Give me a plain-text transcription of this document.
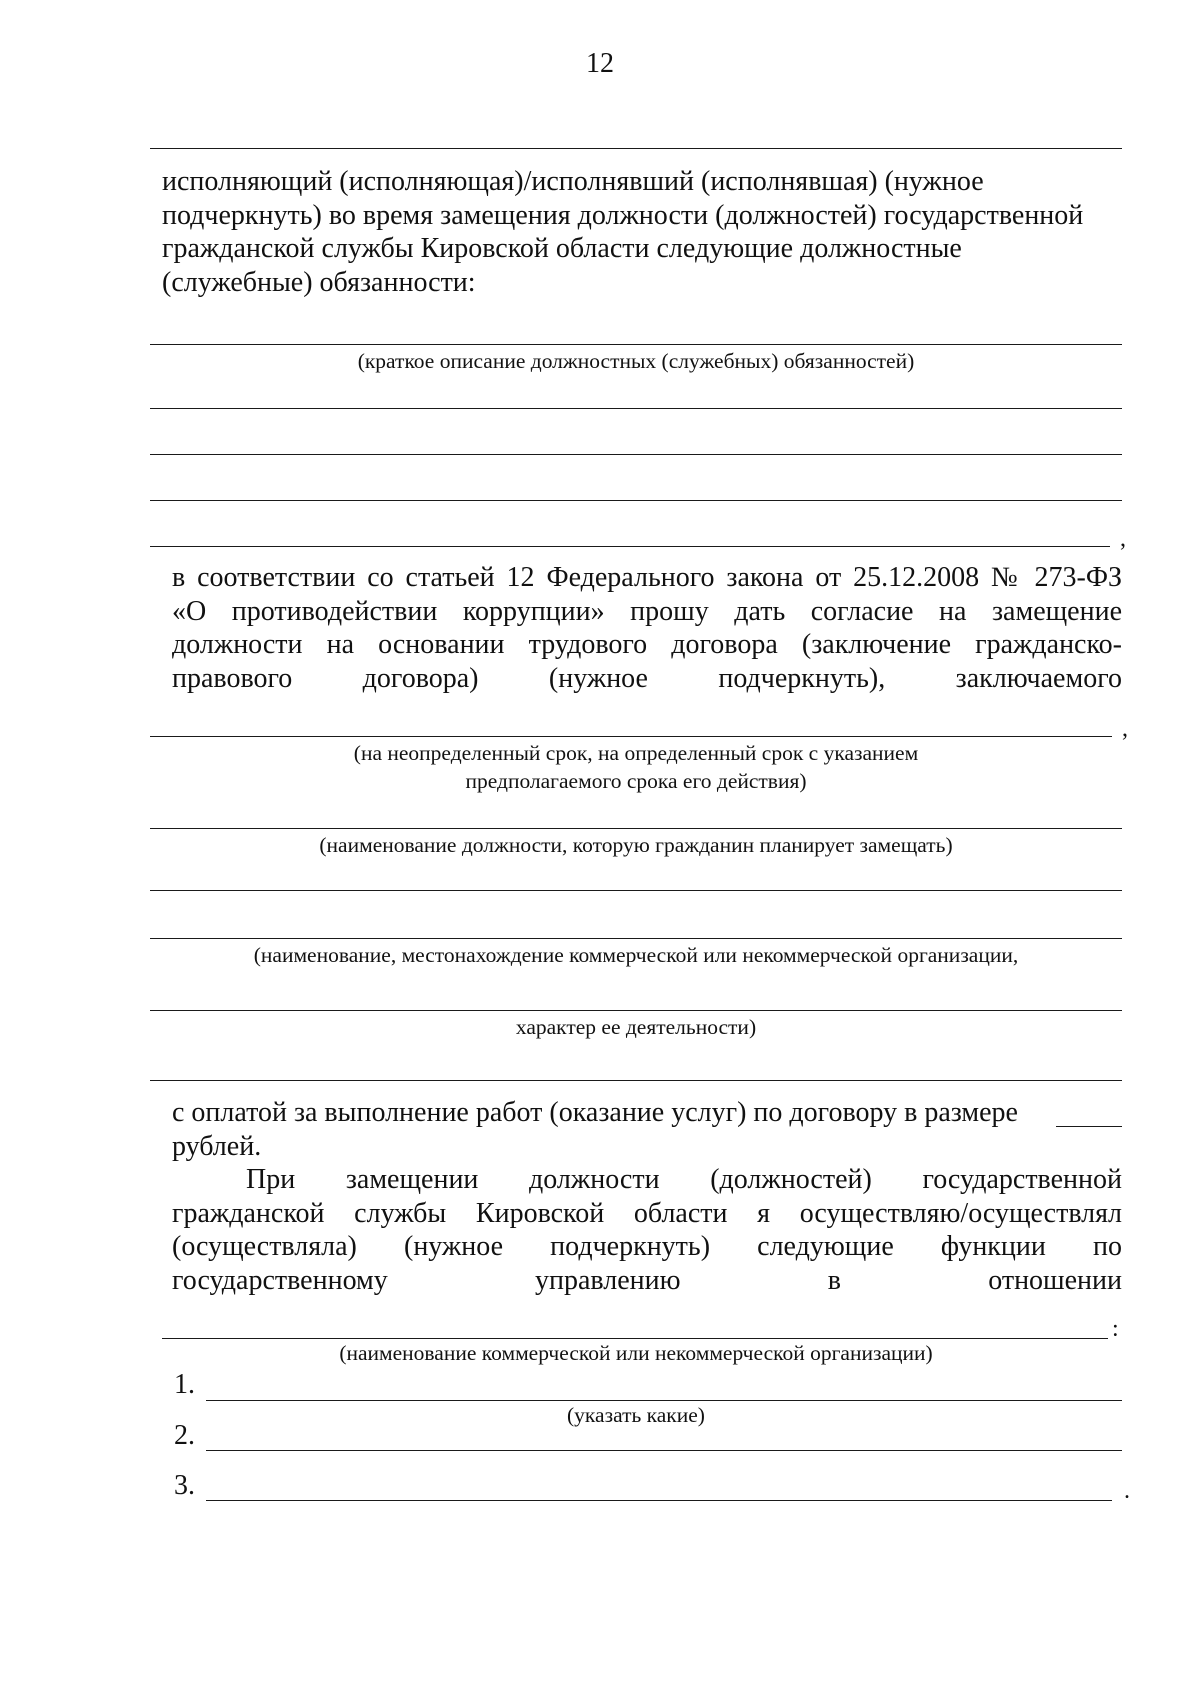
12
исполняющий (исполняющая)/исполнявший (исполнявшая) (нужное
подчеркнуть) во время замещения должности (должностей) государственной
гражданской службы Кировской области следующие должностные
(служебные) обязанности:
(краткое описание должностных (служебных) обязанностей)
,
в соответствии со статьей 12 Федерального закона от 25.12.2008 № 273-ФЗ
«О противодействии коррупции» прошу дать согласие на замещение
должности на основании трудового договора (заключение гражданско-
правового договора) (нужное подчеркнуть), заключаемого
,
(на неопределенный срок, на определенный срок с указанием
предполагаемого срока его действия)
(наименование должности, которую гражданин планирует замещать)
(наименование, местонахождение коммерческой или некоммерческой организации,
характер ее деятельности)
с оплатой за выполнение работ (оказание услуг) по договору в размере
рублей.
При замещении должности (должностей) государственной
гражданской службы Кировской области я осуществляю/осуществлял
(осуществляла) (нужное подчеркнуть) следующие функции по
государственному управлению в отношении
:
(наименование коммерческой или некоммерческой организации)
1.
(указать какие)
2.
3.	.
